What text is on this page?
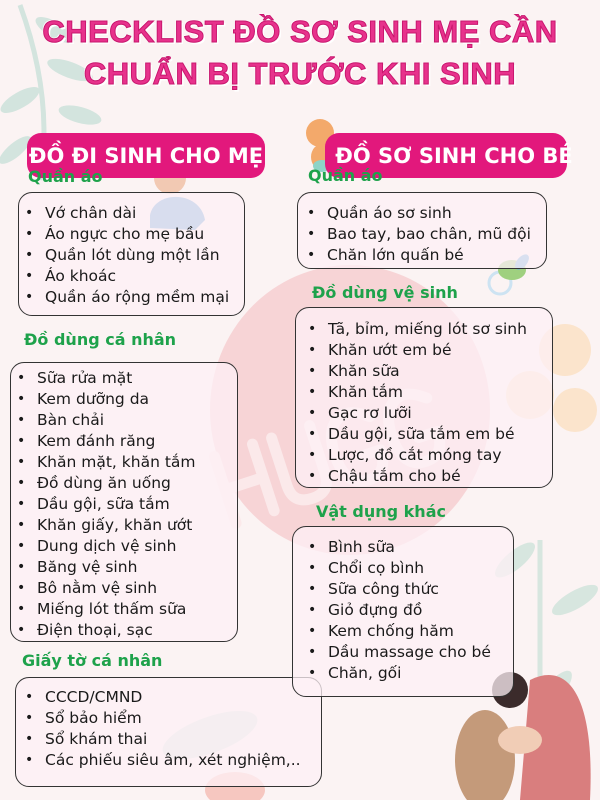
CHECKLIST ĐỒ SƠ SINH MẸ CẦN
CHUẨN BỊ TRƯỚC KHI SINH
ĐỒ ĐI SINH CHO MẸ	ĐỒ SƠ SINH CHO BÉ
Quần áo
• Vớ chân dài
• Áo ngực cho mẹ bầu
• Quần lót dùng một lần
• Áo khoác
• Quần áo rộng mềm mại
Đồ dùng cá nhân
• Sữa rửa mặt
• Kem dưỡng da
• Bàn chải
• Kem đánh răng
• Khăn mặt, khăn tắm
• Đồ dùng ăn uống
• Dầu gội, sữa tắm
• Khăn giấy, khăn ướt
• Dung dịch vệ sinh
• Băng vệ sinh
• Bô nằm vệ sinh
• Miếng lót thấm sữa
• Điện thoại, sạc
Giấy tờ cá nhân
• CCCD/CMND
• Sổ bảo hiểm
• Sổ khám thai
• Các phiếu siêu âm, xét nghiệm,..
Quần áo
• Quần áo sơ sinh
• Bao tay, bao chân, mũ đội
• Chăn lớn quấn bé
Đồ dùng vệ sinh
• Tã, bỉm, miếng lót sơ sinh
• Khăn ướt em bé
• Khăn sữa
• Khăn tắm
• Gạc rơ lưỡi
• Dầu gội, sữa tắm em bé
• Lược, đồ cắt móng tay
• Chậu tắm cho bé
Vật dụng khác
• Bình sữa
• Chổi cọ bình
• Sữa công thức
• Giỏ đựng đồ
• Kem chống hăm
• Dầu massage cho bé
• Chăn, gối
